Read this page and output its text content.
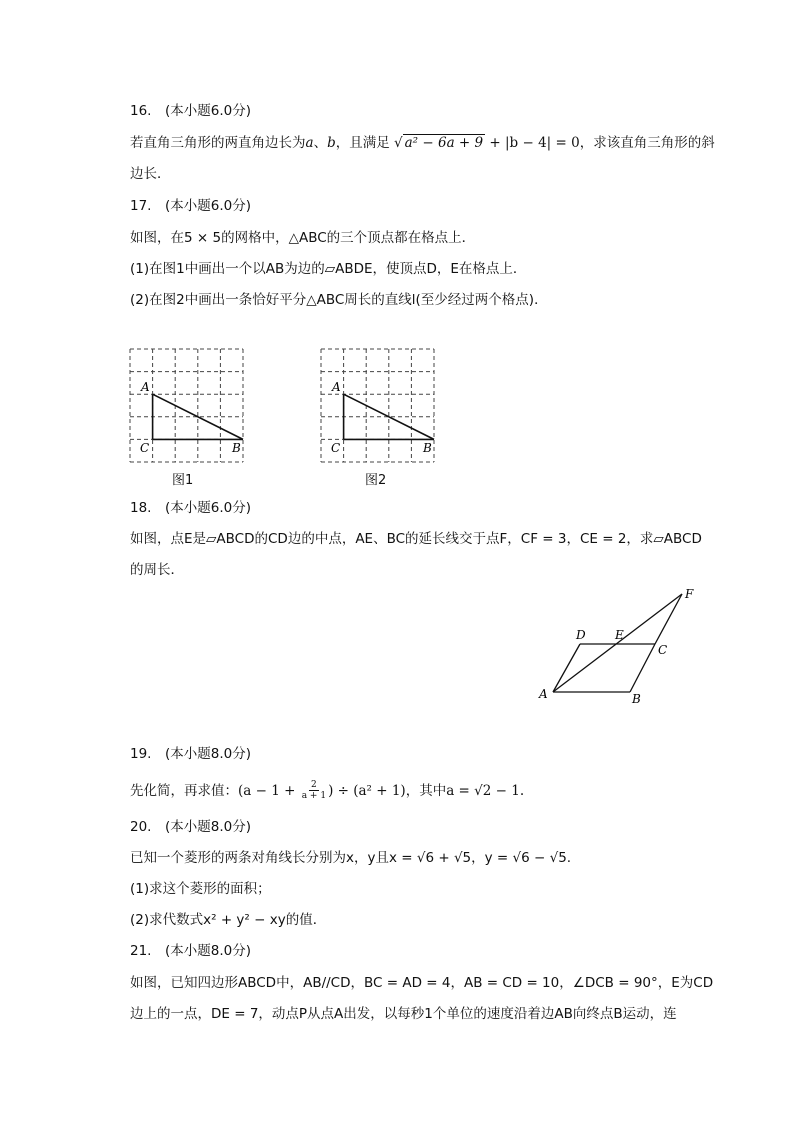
16.　(本小题6.0分)
若直角三角形的两直角边长为a、b，且满足 √ a² − 6a + 9 + |b − 4| = 0，求该直角三角形的斜
边长．
17.　(本小题6.0分)
如图，在5 × 5的网格中，△ABC的三个顶点都在格点上．
(1)在图1中画出一个以AB为边的▱ABDE，使顶点D，E在格点上．
(2)在图2中画出一条恰好平分△ABC周长的直线l(至少经过两个格点)．
A
C	B
图1
A
C	B
图2
18.　(本小题6.0分)
如图，点E是▱ABCD的CD边的中点，AE、BC的延长线交于点F，CF = 3，CE = 2，求▱ABCD
的周长．
A	B
C
D E
F
19.　(本小题8.0分)
先化简，再求值： ($a - 1 + \frac{2}{a + 1}$ ) ÷ (a² + 1) ，其中 a = √2 − 1.
20.　(本小题8.0分)
已知一个菱形的两条对角线长分别为x，y且x = √6 + √5，y = √6 − √5.
(1)求这个菱形的面积；
(2)求代数式x² + y² − xy的值．
21.　(本小题8.0分)
如图，已知四边形ABCD中，AB//CD，BC = AD = 4，AB = CD = 10，∠DCB = 90°，E为CD
边上的一点，DE = 7，动点P从点A出发，以每秒1个单位的速度沿着边AB向终点B运动，连
